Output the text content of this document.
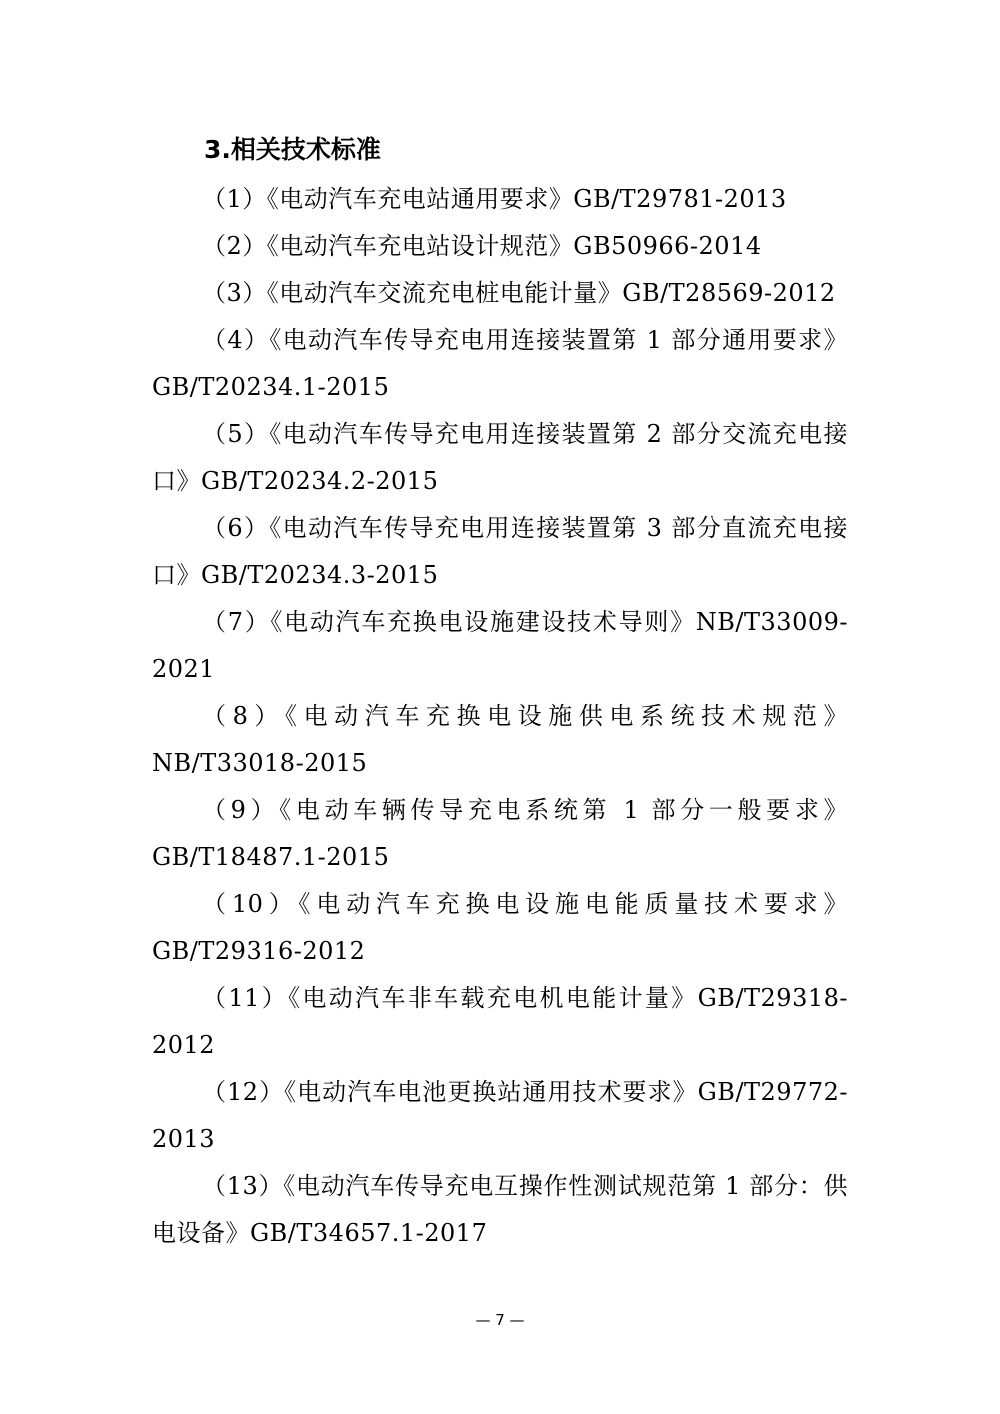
3.相关技术标准

（1）《电动汽车充电站通用要求》GB/T29781-2013

（2）《电动汽车充电站设计规范》GB50966-2014

（3）《电动汽车交流充电桩电能计量》GB/T28569-2012

（4）《电动汽车传导充电用连接装置第 1 部分通用要求》GB/T20234.1-2015

（5）《电动汽车传导充电用连接装置第 2 部分交流充电接口》GB/T20234.2-2015

（6）《电动汽车传导充电用连接装置第 3 部分直流充电接口》GB/T20234.3-2015

（7）《电动汽车充换电设施建设技术导则》NB/T33009-2021

（8）《电动汽车充换电设施供电系统技术规范》NB/T33018-2015

（9）《电动车辆传导充电系统第 1 部分一般要求》GB/T18487.1-2015

（10）《电动汽车充换电设施电能质量技术要求》GB/T29316-2012

（11）《电动汽车非车载充电机电能计量》GB/T29318-2012

（12）《电动汽车电池更换站通用技术要求》GB/T29772-2013

（13）《电动汽车传导充电互操作性测试规范第 1 部分：供电设备》GB/T34657.1-2017

— 7 —
